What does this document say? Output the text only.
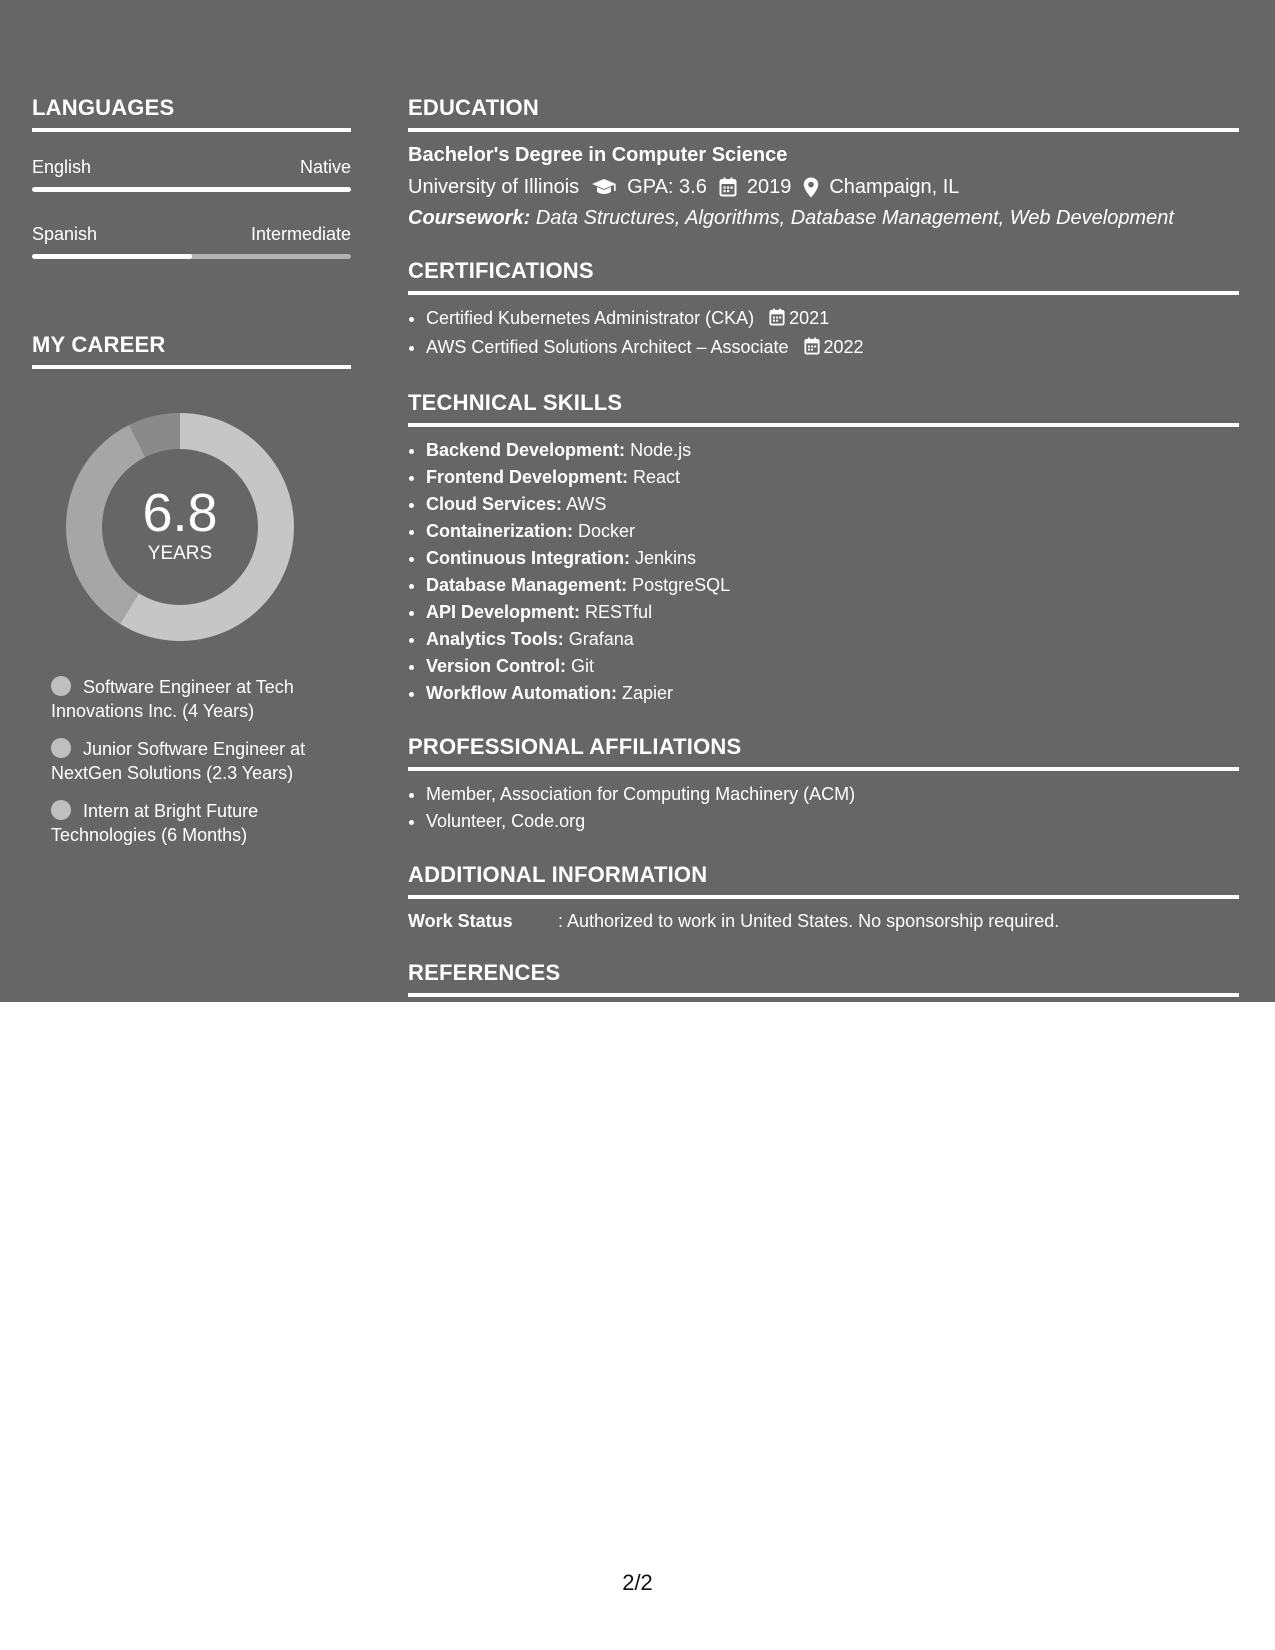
LANGUAGES
English	Native
Spanish	Intermediate
MY CAREER
6.8
YEARS
Software Engineer at Tech Innovations Inc. (4 Years)
Junior Software Engineer at NextGen Solutions (2.3 Years)
Intern at Bright Future Technologies (6 Months)
EDUCATION
Bachelor's Degree in Computer Science
University of Illinois GPA: 3.6 2019 Champaign, IL
Coursework: Data Structures, Algorithms, Database Management, Web Development
CERTIFICATIONS
• Certified Kubernetes Administrator (CKA) 2021
• AWS Certified Solutions Architect – Associate 2022
TECHNICAL SKILLS
• Backend Development: Node.js
• Frontend Development: React
• Cloud Services: AWS
• Containerization: Docker
• Continuous Integration: Jenkins
• Database Management: PostgreSQL
• API Development: RESTful
• Analytics Tools: Grafana
• Version Control: Git
• Workflow Automation: Zapier
PROFESSIONAL AFFILIATIONS
• Member, Association for Computing Machinery (ACM)
• Volunteer, Code.org
ADDITIONAL INFORMATION
Work Status	: Authorized to work in United States. No sponsorship required.
REFERENCES
AVAILABLE ON REQUEST
2/2
